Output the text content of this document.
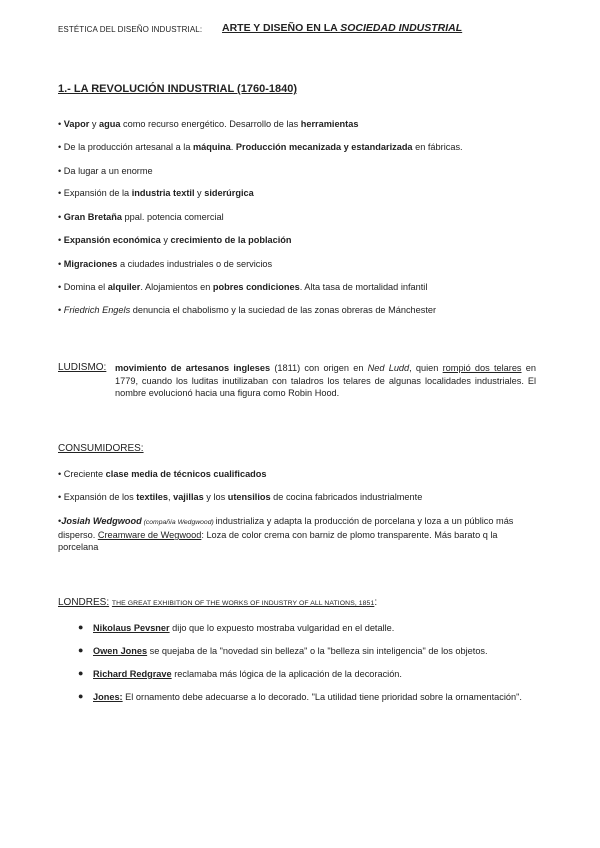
ESTÉTICA DEL DISEÑO INDUSTRIAL: ARTE Y DISEÑO EN LA SOCIEDAD INDUSTRIAL
1.- LA REVOLUCIÓN INDUSTRIAL (1760-1840)
• Vapor y agua como recurso energético. Desarrollo de las herramientas
• De la producción artesanal a la máquina. Producción mecanizada y estandarizada en fábricas.
• Da lugar a un enorme
• Expansión de la industria textil y siderúrgica
• Gran Bretaña ppal. potencia comercial
• Expansión económica y crecimiento de la población
• Migraciones a ciudades industriales o de servicios
• Domina el alquiler. Alojamientos en pobres condiciones. Alta tasa de mortalidad infantil
• Friedrich Engels denuncia el chabolismo y la suciedad de las zonas obreras de Mánchester
LUDISMO: movimiento de artesanos ingleses (1811) con origen en Ned Ludd, quien rompió dos telares en 1779, cuando los luditas inutilizaban con taladros los telares de algunas localidades industriales. El nombre evolucionó hacia una figura como Robin Hood.
CONSUMIDORES:
• Creciente clase media de técnicos cualificados
• Expansión de los textiles, vajillas y los utensilios de cocina fabricados industrialmente
•Josiah Wedgwood (compañía Wedgwood) industrializa y adapta la producción de porcelana y loza a un público más disperso. Creamware de Wegwood: Loza de color crema con barniz de plomo transparente. Más barato q la porcelana
LONDRES: THE GREAT EXHIBITION OF THE WORKS OF INDUSTRY OF ALL NATIONS, 1851:
● Nikolaus Pevsner dijo que lo expuesto mostraba vulgaridad en el detalle.
● Owen Jones se quejaba de la "novedad sin belleza" o la "belleza sin inteligencia" de los objetos.
● Richard Redgrave reclamaba más lógica de la aplicación de la decoración.
● Jones: El ornamento debe adecuarse a lo decorado. "La utilidad tiene prioridad sobre la ornamentación".
